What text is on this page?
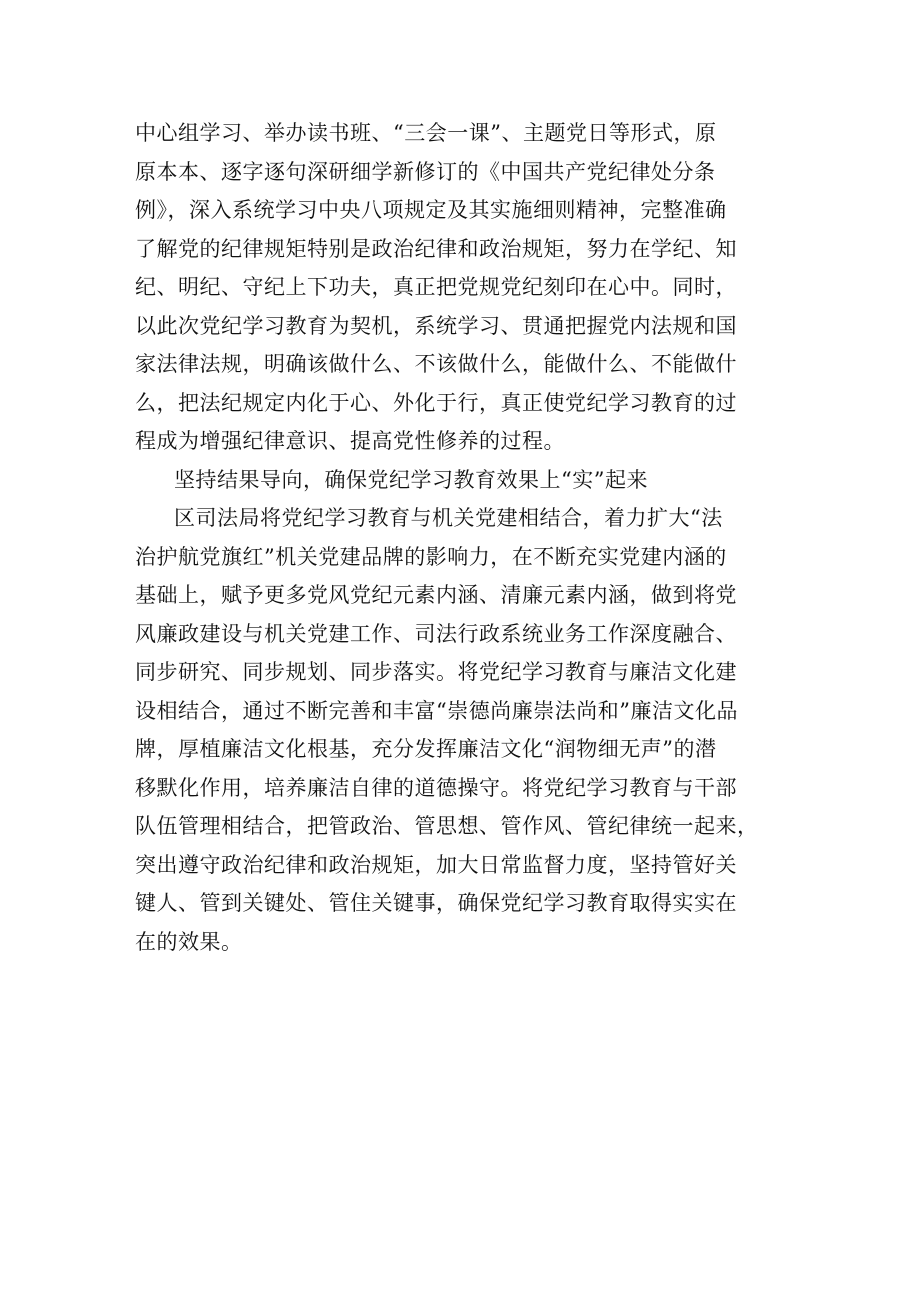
中心组学习、举办读书班、“三会一课”、主题党日等形式，原
原本本、逐字逐句深研细学新修订的《中国共产党纪律处分条
例》，深入系统学习中央八项规定及其实施细则精神，完整准确
了解党的纪律规矩特别是政治纪律和政治规矩，努力在学纪、知
纪、明纪、守纪上下功夫，真正把党规党纪刻印在心中。同时，
以此次党纪学习教育为契机，系统学习、贯通把握党内法规和国
家法律法规，明确该做什么、不该做什么，能做什么、不能做什
么，把法纪规定内化于心、外化于行，真正使党纪学习教育的过
程成为增强纪律意识、提高党性修养的过程。
坚持结果导向，确保党纪学习教育效果上“实”起来
区司法局将党纪学习教育与机关党建相结合，着力扩大“法
治护航党旗红”机关党建品牌的影响力，在不断充实党建内涵的
基础上，赋予更多党风党纪元素内涵、清廉元素内涵，做到将党
风廉政建设与机关党建工作、司法行政系统业务工作深度融合、
同步研究、同步规划、同步落实。将党纪学习教育与廉洁文化建
设相结合，通过不断完善和丰富“崇德尚廉崇法尚和”廉洁文化品
牌，厚植廉洁文化根基，充分发挥廉洁文化“润物细无声”的潜
移默化作用，培养廉洁自律的道德操守。将党纪学习教育与干部
队伍管理相结合，把管政治、管思想、管作风、管纪律统一起来，
突出遵守政治纪律和政治规矩，加大日常监督力度，坚持管好关
键人、管到关键处、管住关键事，确保党纪学习教育取得实实在
在的效果。
